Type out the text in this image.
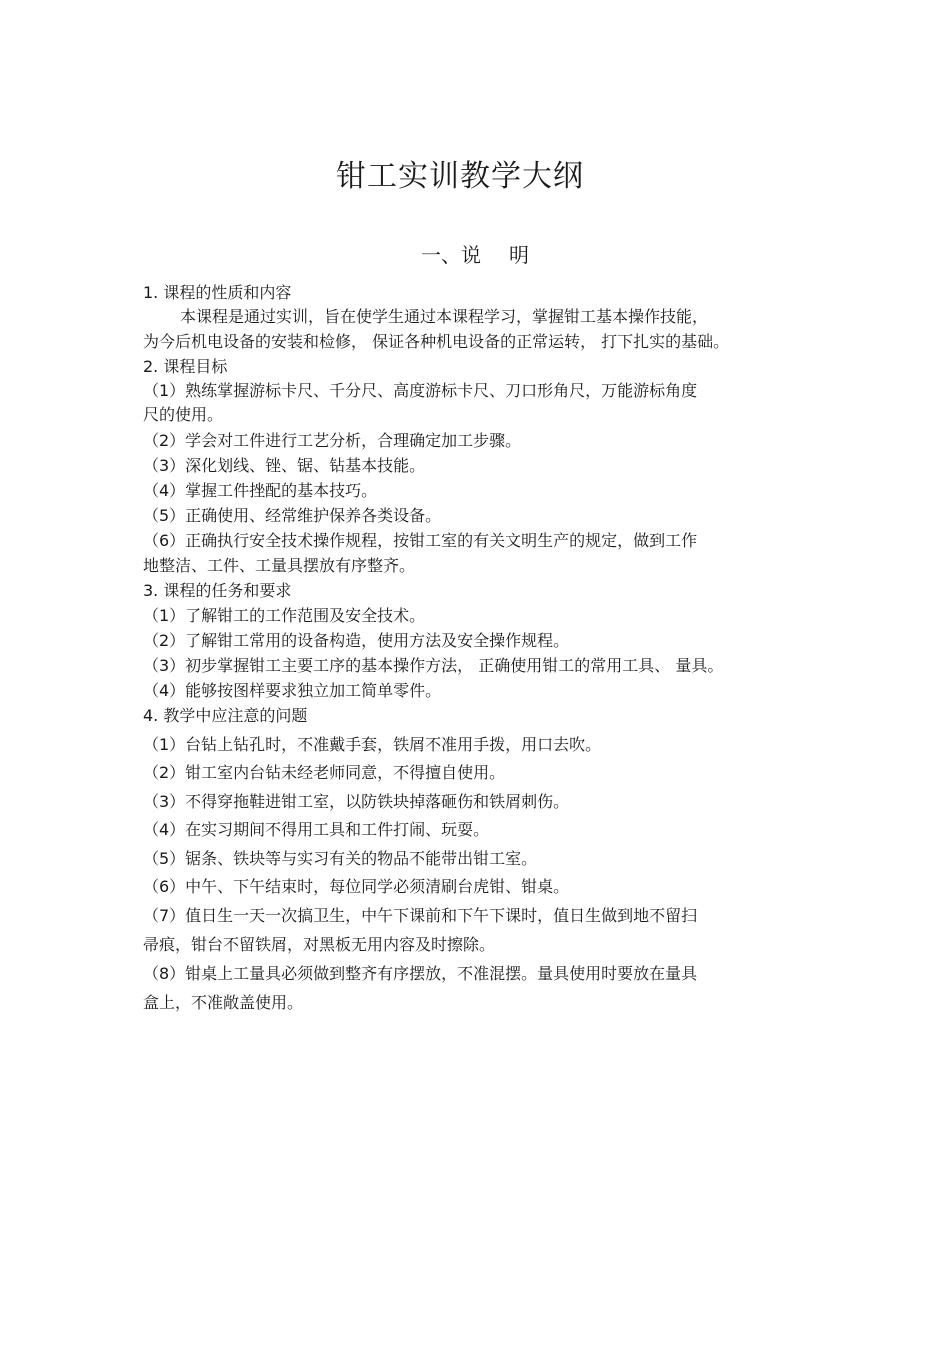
钳工实训教学大纲
一、说 明
1. 课程的性质和内容
本课程是通过实训，旨在使学生通过本课程学习，掌握钳工基本操作技能，
为今后机电设备的安装和检修， 保证各种机电设备的正常运转， 打下扎实的基础。
2. 课程目标
（1）熟练掌握游标卡尺、千分尺、高度游标卡尺、刀口形角尺，万能游标角度
尺的使用。
（2）学会对工件进行工艺分析，合理确定加工步骤。
（3）深化划线、锉、锯、钻基本技能。
（4）掌握工件挫配的基本技巧。
（5）正确使用、经常维护保养各类设备。
（6）正确执行安全技术操作规程，按钳工室的有关文明生产的规定，做到工作
地整洁、工件、工量具摆放有序整齐。
3. 课程的任务和要求
（1）了解钳工的工作范围及安全技术。
（2）了解钳工常用的设备构造，使用方法及安全操作规程。
（3）初步掌握钳工主要工序的基本操作方法， 正确使用钳工的常用工具、 量具。
（4）能够按图样要求独立加工简单零件。
4. 教学中应注意的问题
（1）台钻上钻孔时，不准戴手套，铁屑不准用手拨，用口去吹。
（2）钳工室内台钻未经老师同意，不得擅自使用。
（3）不得穿拖鞋进钳工室，以防铁块掉落砸伤和铁屑刺伤。
（4）在实习期间不得用工具和工件打闹、玩耍。
（5）锯条、铁块等与实习有关的物品不能带出钳工室。
（6）中午、下午结束时，每位同学必须清刷台虎钳、钳桌。
（7）值日生一天一次搞卫生，中午下课前和下午下课时，值日生做到地不留扫
帚痕，钳台不留铁屑，对黑板无用内容及时擦除。
（8）钳桌上工量具必须做到整齐有序摆放，不准混摆。量具使用时要放在量具
盒上，不准敞盖使用。
